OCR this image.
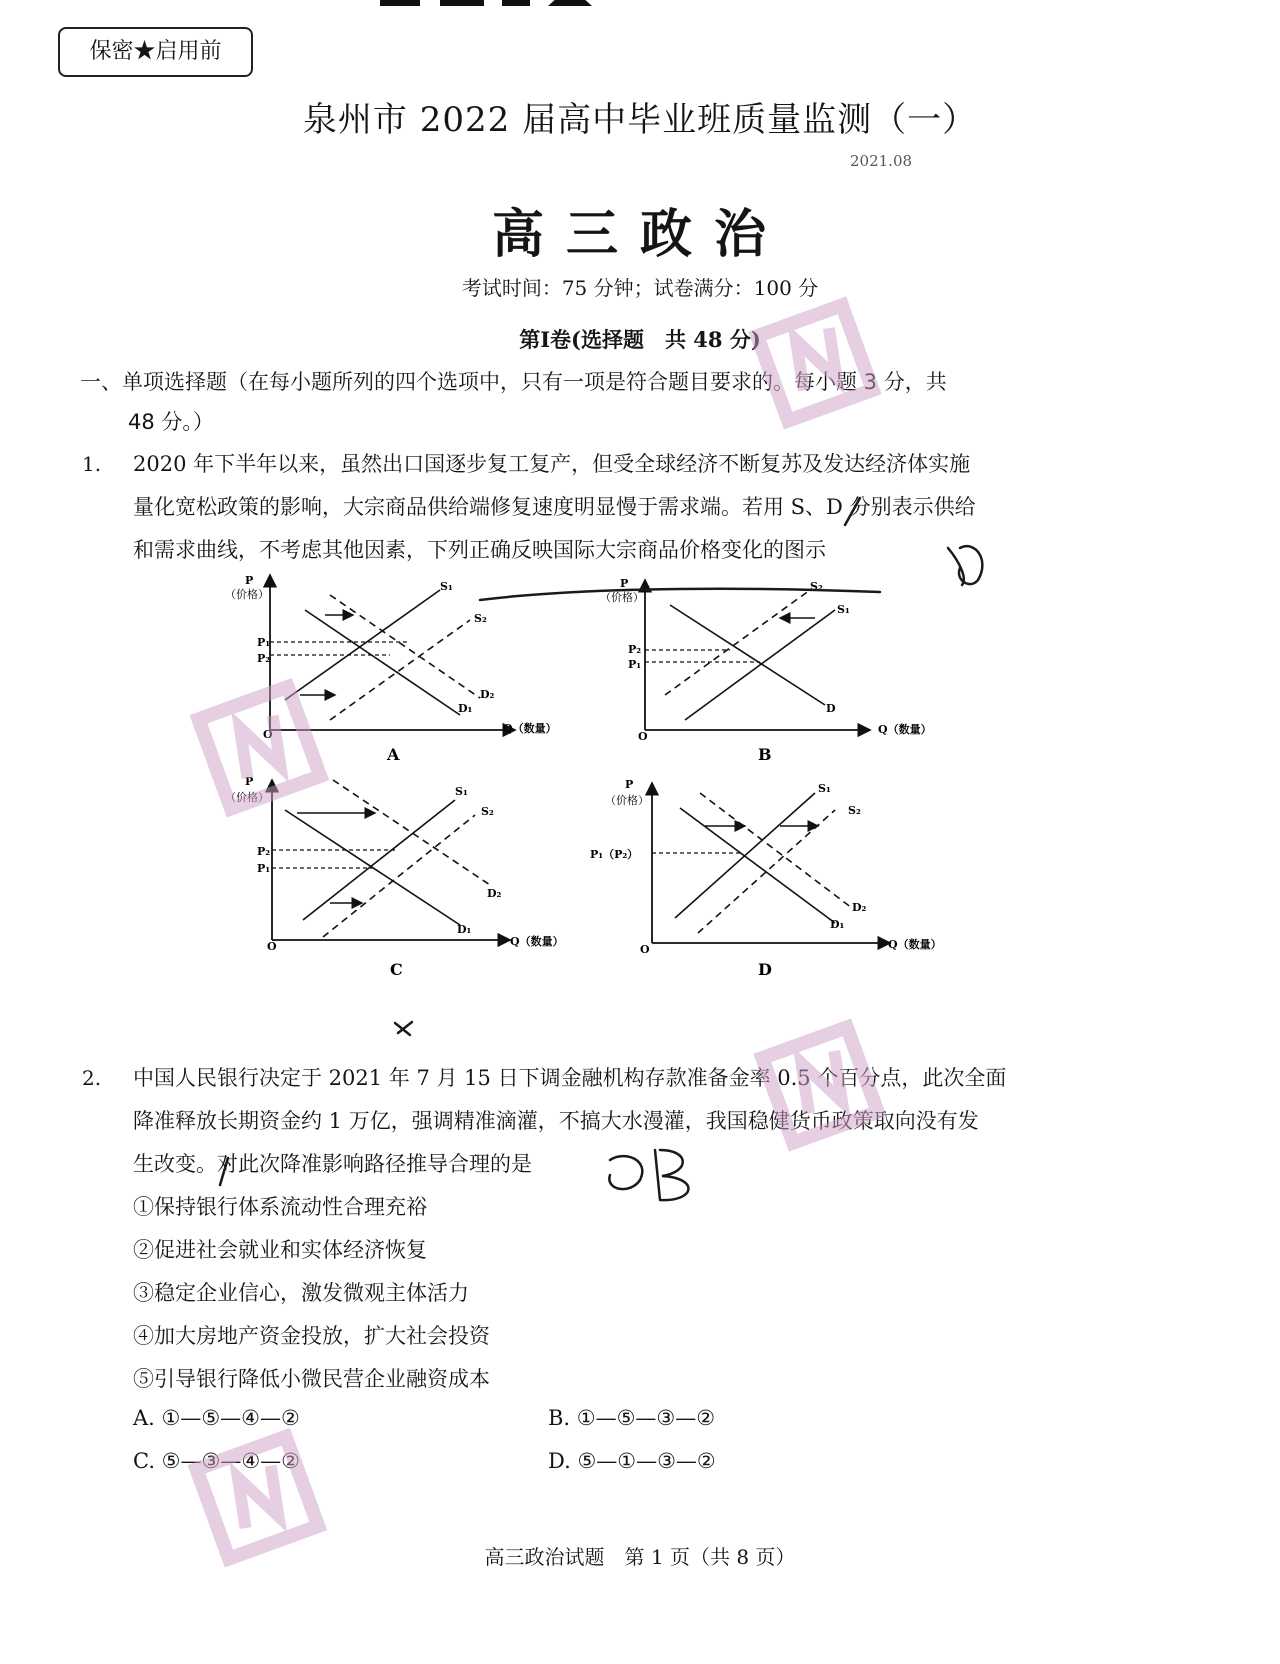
保密★启用前
泉州市 2022 届高中毕业班质量监测（一）
2021.08
高三政治
考试时间：75 分钟；试卷满分：100 分
第Ⅰ卷(选择题　共 48 分)
一、单项选择题（在每小题所列的四个选项中，只有一项是符合题目要求的。每小题 3 分，共
48 分。）
1. 2020 年下半年以来，虽然出口国逐步复工复产，但受全球经济不断复苏及发达经济体实施
量化宽松政策的影响，大宗商品供给端修复速度明显慢于需求端。若用 S、D 分别表示供给
和需求曲线，不考虑其他因素，下列正确反映国际大宗商品价格变化的图示
P
（价格）
Q（数量）
O
P₁
P₂
S₁
S₂
D₁
D₂
A
P
（价格）
Q（数量）
O
P₂
P₁
S₂
S₁
D
B
P
（价格）
Q（数量）
O
P₂
P₁
S₁
S₂
D₂
D₁
C
P
（价格）
Q（数量）
O
P₁（P₂）
S₁
S₂
D₂
D₁
D
2. 中国人民银行决定于 2021 年 7 月 15 日下调金融机构存款准备金率 0.5 个百分点，此次全面
降准释放长期资金约 1 万亿，强调精准滴灌，不搞大水漫灌，我国稳健货币政策取向没有发
生改变。对此次降准影响路径推导合理的是
①保持银行体系流动性合理充裕
②促进社会就业和实体经济恢复
③稳定企业信心，激发微观主体活力
④加大房地产资金投放，扩大社会投资
⑤引导银行降低小微民营企业融资成本
A. ①—⑤—④—②	B. ①—⑤—③—②
C. ⑤—③—④—②	D. ⑤—①—③—②
高三政治试题　第 1 页（共 8 页）
